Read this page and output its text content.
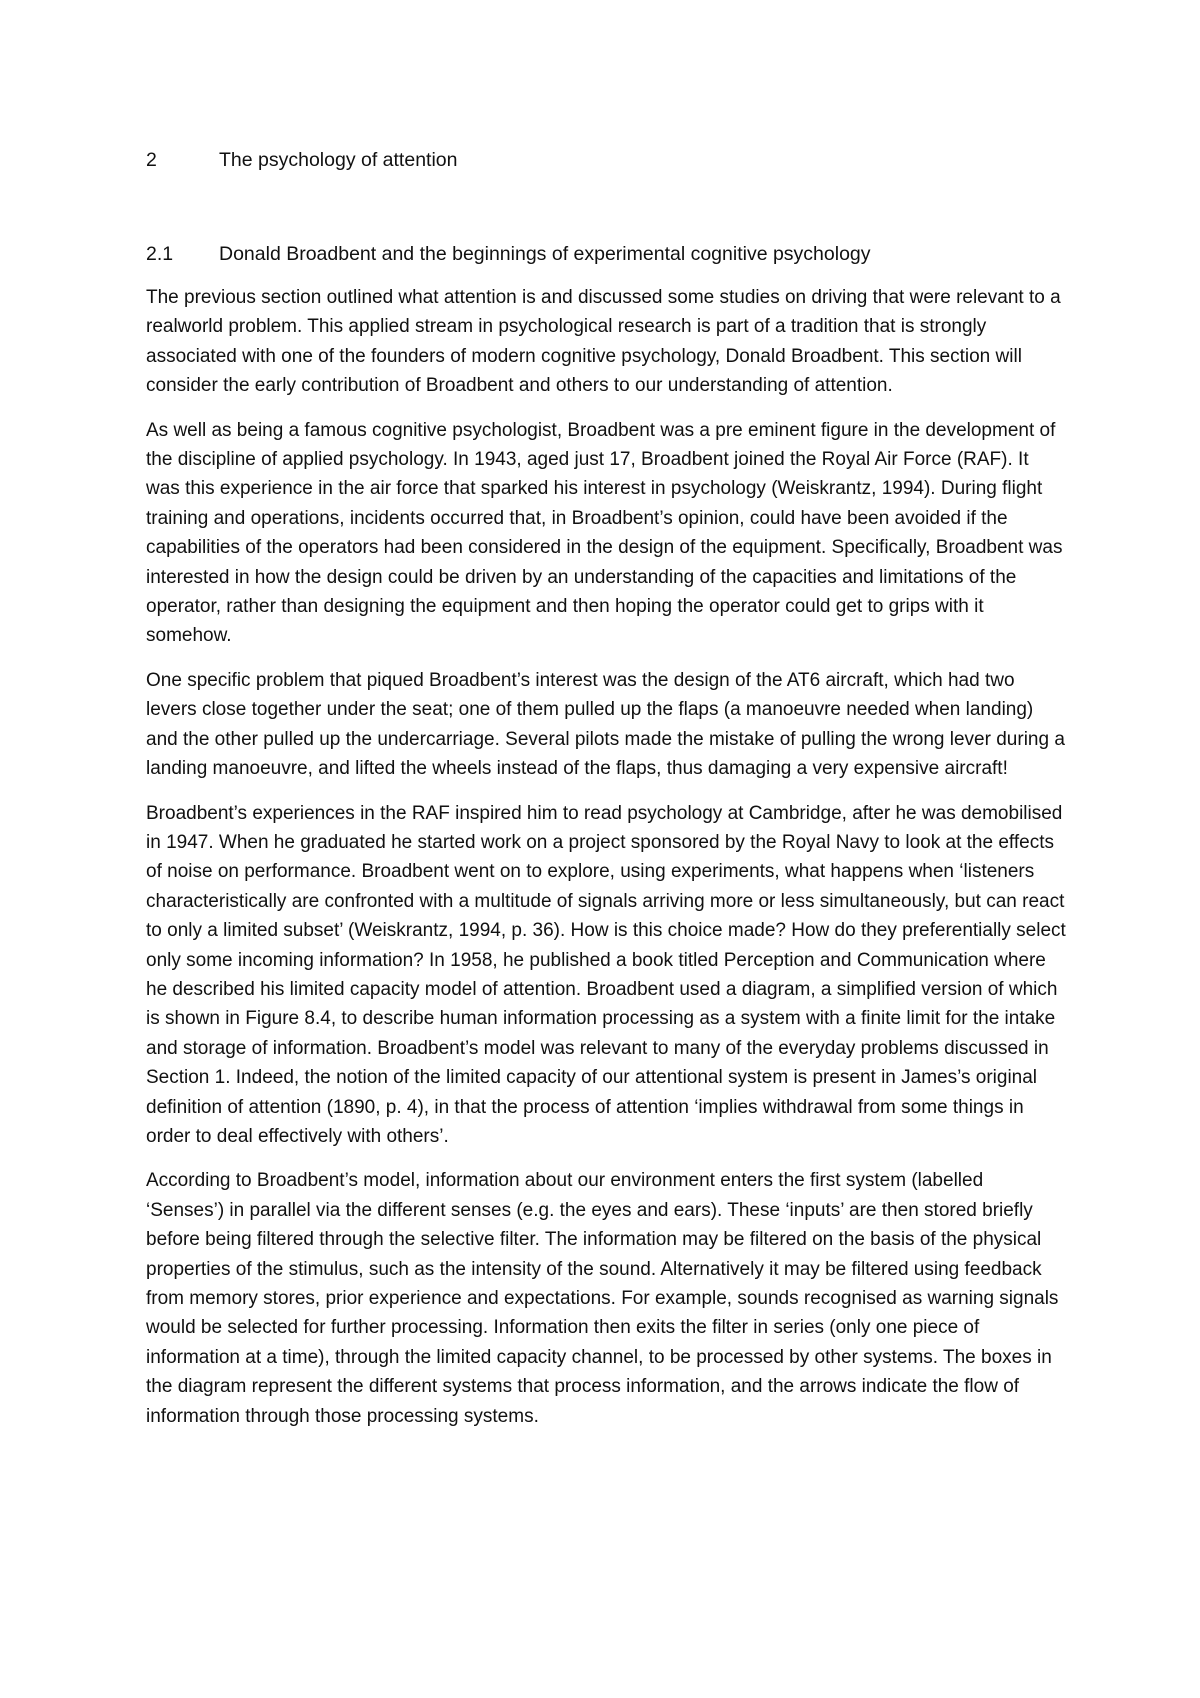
2	The psychology of attention
2.1 Donald Broadbent and the beginnings of experimental cognitive psychology

The previous section outlined what attention is and discussed some studies on driving that were relevant to a realworld problem. This applied stream in psychological research is part of a tradition that is strongly associated with one of the founders of modern cognitive psychology, Donald Broadbent. This section will consider the early contribution of Broadbent and others to our understanding of attention.

As well as being a famous cognitive psychologist, Broadbent was a pre eminent figure in the development of the discipline of applied psychology. In 1943, aged just 17, Broadbent joined the Royal Air Force (RAF). It was this experience in the air force that sparked his interest in psychology (Weiskrantz, 1994). During flight training and operations, incidents occurred that, in Broadbent’s opinion, could have been avoided if the capabilities of the operators had been considered in the design of the equipment. Specifically, Broadbent was interested in how the design could be driven by an understanding of the capacities and limitations of the operator, rather than designing the equipment and then hoping the operator could get to grips with it somehow.

One specific problem that piqued Broadbent’s interest was the design of the AT6 aircraft, which had two levers close together under the seat; one of them pulled up the flaps (a manoeuvre needed when landing) and the other pulled up the undercarriage. Several pilots made the mistake of pulling the wrong lever during a landing manoeuvre, and lifted the wheels instead of the flaps, thus damaging a very expensive aircraft!

Broadbent’s experiences in the RAF inspired him to read psychology at Cambridge, after he was demobilised in 1947. When he graduated he started work on a project sponsored by the Royal Navy to look at the effects of noise on performance. Broadbent went on to explore, using experiments, what happens when ‘listeners characteristically are confronted with a multitude of signals arriving more or less simultaneously, but can react to only a limited subset’ (Weiskrantz, 1994, p. 36). How is this choice made? How do they preferentially select only some incoming information? In 1958, he published a book titled Perception and Communication where he described his limited capacity model of attention. Broadbent used a diagram, a simplified version of which is shown in Figure 8.4, to describe human information processing as a system with a finite limit for the intake and storage of information. Broadbent’s model was relevant to many of the everyday problems discussed in Section 1. Indeed, the notion of the limited capacity of our attentional system is present in James’s original definition of attention (1890, p. 4), in that the process of attention ‘implies withdrawal from some things in order to deal effectively with others’.

According to Broadbent’s model, information about our environment enters the first system (labelled ‘Senses’) in parallel via the different senses (e.g. the eyes and ears). These ‘inputs’ are then stored briefly before being filtered through the selective filter. The information may be filtered on the basis of the physical properties of the stimulus, such as the intensity of the sound. Alternatively it may be filtered using feedback from memory stores, prior experience and expectations. For example, sounds recognised as warning signals would be selected for further processing. Information then exits the filter in series (only one piece of information at a time), through the limited capacity channel, to be processed by other systems. The boxes in the diagram represent the different systems that process information, and the arrows indicate the flow of information through those processing systems.
